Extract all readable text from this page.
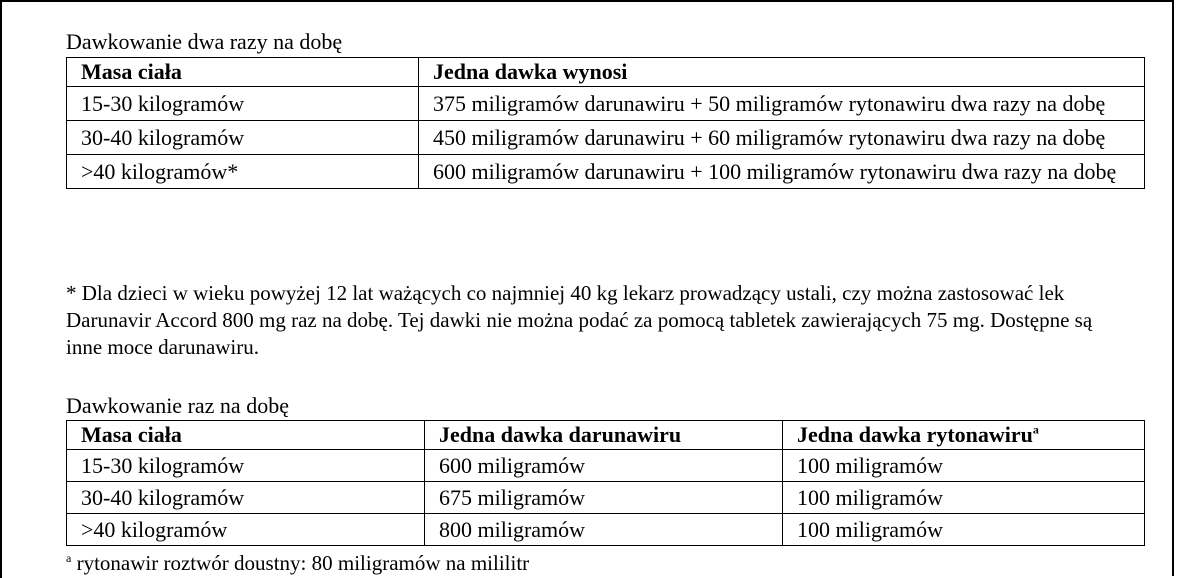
Dawkowanie dwa razy na dobę
Masa ciała	Jedna dawka wynosi
15-30 kilogramów	375 miligramów darunawiru + 50 miligramów rytonawiru dwa razy na dobę
30-40 kilogramów	450 miligramów darunawiru + 60 miligramów rytonawiru dwa razy na dobę
>40 kilogramów*	600 miligramów darunawiru + 100 miligramów rytonawiru dwa razy na dobę
* Dla dzieci w wieku powyżej 12 lat ważących co najmniej 40 kg lekarz prowadzący ustali, czy można zastosować lek Darunavir Accord 800 mg raz na dobę. Tej dawki nie można podać za pomocą tabletek zawierających 75 mg. Dostępne są inne moce darunawiru.
Dawkowanie raz na dobę
Masa ciała	Jedna dawka darunawiru	Jedna dawka rytonawiru$^a$
15-30 kilogramów	600 miligramów	100 miligramów
30-40 kilogramów	675 miligramów	100 miligramów
>40 kilogramów	800 miligramów	100 miligramów
$^a$ rytonawir roztwór doustny: 80 miligramów na mililitr
